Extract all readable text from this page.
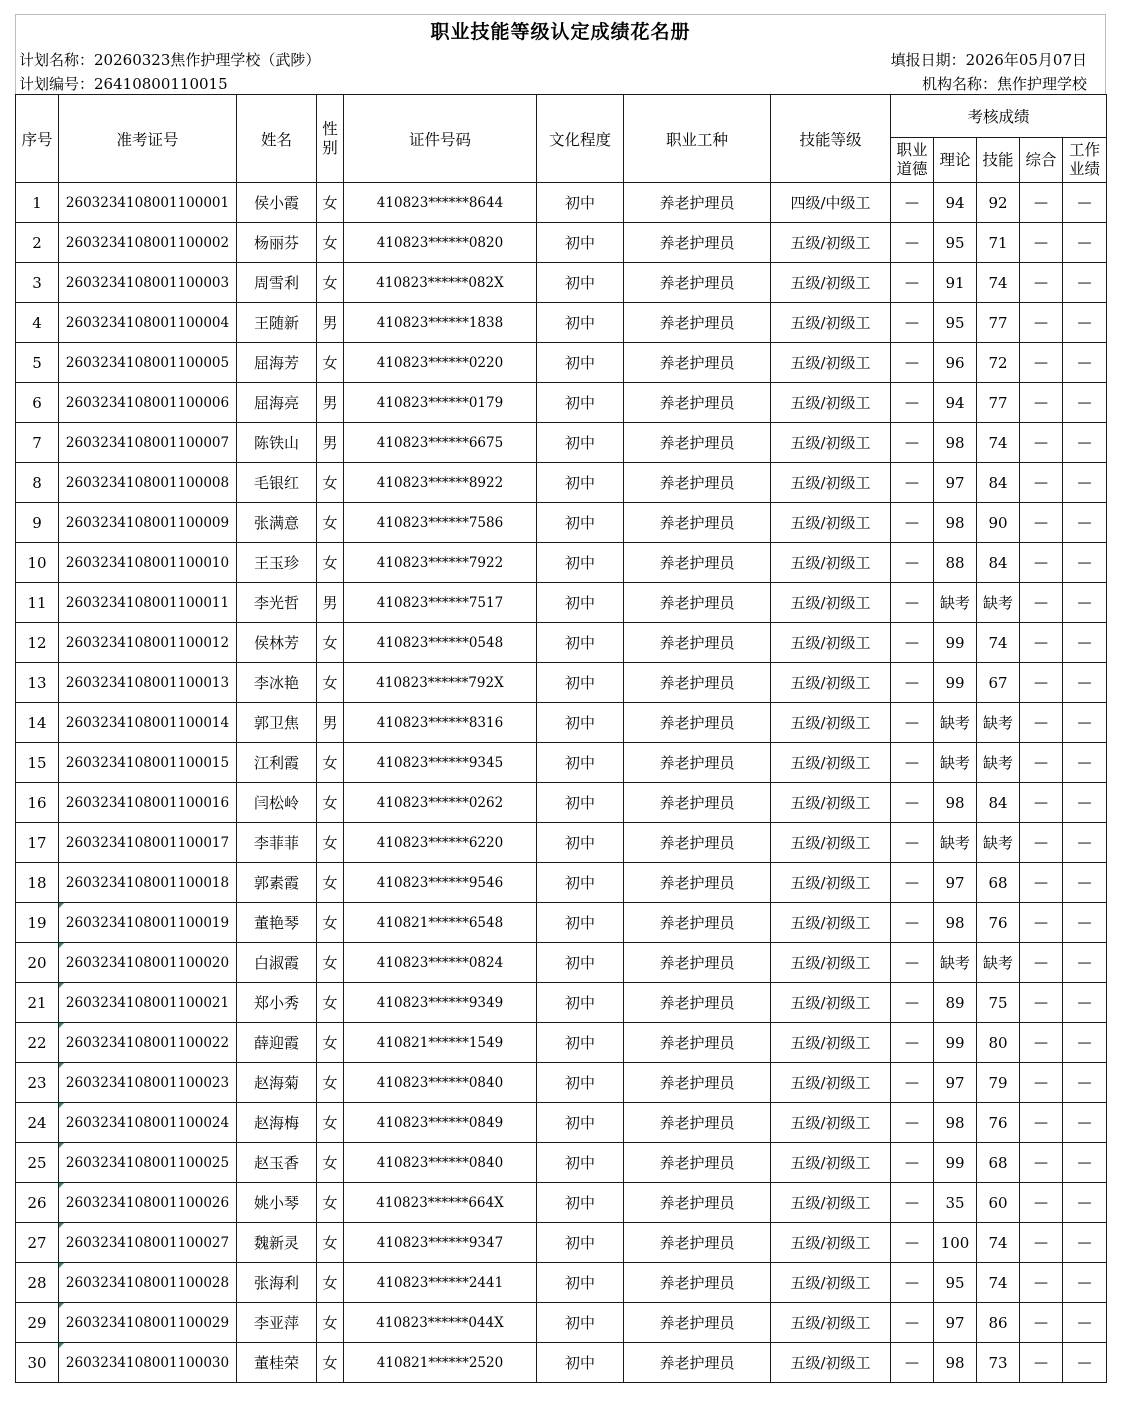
职业技能等级认定成绩花名册
计划名称：20260323焦作护理学校（武陟）	填报日期：2026年05月07日
计划编号：26410800110015	机构名称：焦作护理学校
序号	准考证号	姓名	性别	证件号码	文化程度	职业工种	技能等级	考核成绩				
								职业道德	理论	技能	综合	工作业绩
1	2603234108001100001	侯小霞	女	410823******8644	初中	养老护理员	四级/中级工	—	94	92	—	—
2	2603234108001100002	杨丽芬	女	410823******0820	初中	养老护理员	五级/初级工	—	95	71	—	—
3	2603234108001100003	周雪利	女	410823******082X	初中	养老护理员	五级/初级工	—	91	74	—	—
4	2603234108001100004	王随新	男	410823******1838	初中	养老护理员	五级/初级工	—	95	77	—	—
5	2603234108001100005	屈海芳	女	410823******0220	初中	养老护理员	五级/初级工	—	96	72	—	—
6	2603234108001100006	屈海亮	男	410823******0179	初中	养老护理员	五级/初级工	—	94	77	—	—
7	2603234108001100007	陈铁山	男	410823******6675	初中	养老护理员	五级/初级工	—	98	74	—	—
8	2603234108001100008	毛银红	女	410823******8922	初中	养老护理员	五级/初级工	—	97	84	—	—
9	2603234108001100009	张满意	女	410823******7586	初中	养老护理员	五级/初级工	—	98	90	—	—
10	2603234108001100010	王玉珍	女	410823******7922	初中	养老护理员	五级/初级工	—	88	84	—	—
11	2603234108001100011	李光哲	男	410823******7517	初中	养老护理员	五级/初级工	—	缺考	缺考	—	—
12	2603234108001100012	侯林芳	女	410823******0548	初中	养老护理员	五级/初级工	—	99	74	—	—
13	2603234108001100013	李冰艳	女	410823******792X	初中	养老护理员	五级/初级工	—	99	67	—	—
14	2603234108001100014	郭卫焦	男	410823******8316	初中	养老护理员	五级/初级工	—	缺考	缺考	—	—
15	2603234108001100015	江利霞	女	410823******9345	初中	养老护理员	五级/初级工	—	缺考	缺考	—	—
16	2603234108001100016	闫松岭	女	410823******0262	初中	养老护理员	五级/初级工	—	98	84	—	—
17	2603234108001100017	李菲菲	女	410823******6220	初中	养老护理员	五级/初级工	—	缺考	缺考	—	—
18	2603234108001100018	郭素霞	女	410823******9546	初中	养老护理员	五级/初级工	—	97	68	—	—
19	2603234108001100019	董艳琴	女	410821******6548	初中	养老护理员	五级/初级工	—	98	76	—	—
20	2603234108001100020	白淑霞	女	410823******0824	初中	养老护理员	五级/初级工	—	缺考	缺考	—	—
21	2603234108001100021	郑小秀	女	410823******9349	初中	养老护理员	五级/初级工	—	89	75	—	—
22	2603234108001100022	薛迎霞	女	410821******1549	初中	养老护理员	五级/初级工	—	99	80	—	—
23	2603234108001100023	赵海菊	女	410823******0840	初中	养老护理员	五级/初级工	—	97	79	—	—
24	2603234108001100024	赵海梅	女	410823******0849	初中	养老护理员	五级/初级工	—	98	76	—	—
25	2603234108001100025	赵玉香	女	410823******0840	初中	养老护理员	五级/初级工	—	99	68	—	—
26	2603234108001100026	姚小琴	女	410823******664X	初中	养老护理员	五级/初级工	—	35	60	—	—
27	2603234108001100027	魏新灵	女	410823******9347	初中	养老护理员	五级/初级工	—	100	74	—	—
28	2603234108001100028	张海利	女	410823******2441	初中	养老护理员	五级/初级工	—	95	74	—	—
29	2603234108001100029	李亚萍	女	410823******044X	初中	养老护理员	五级/初级工	—	97	86	—	—
30	2603234108001100030	董桂荣	女	410821******2520	初中	养老护理员	五级/初级工	—	98	73	—	—
